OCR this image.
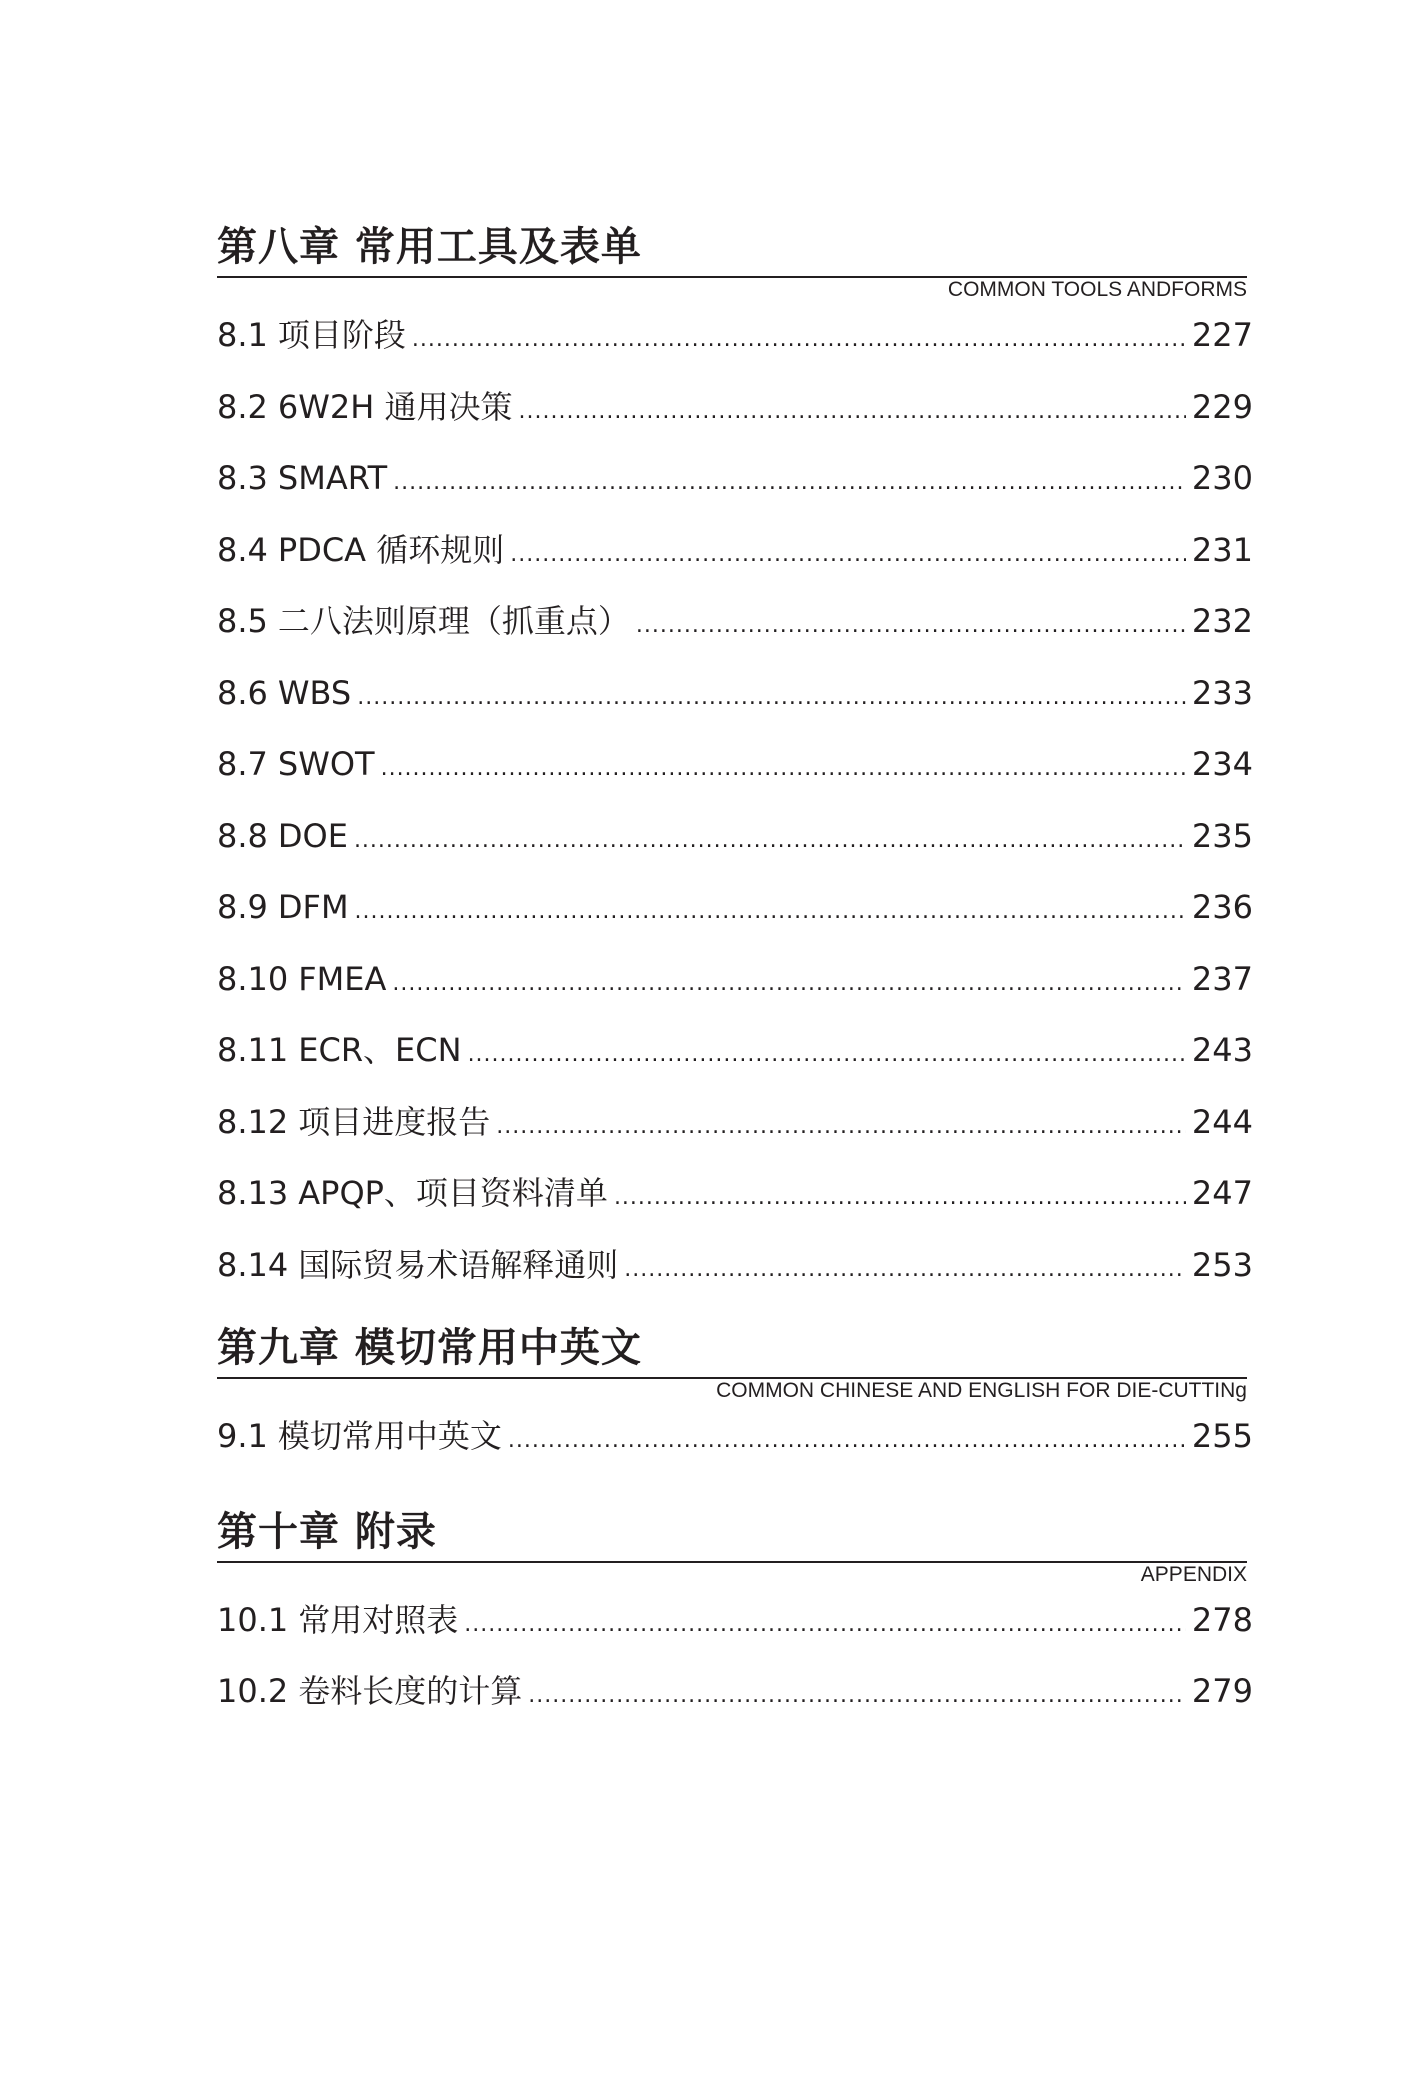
第八章 常用工具及表单
COMMON TOOLS ANDFORMS
8.1 项目阶段 .....	227
8.2 6W2H 通用决策 .....	229
8.3 SMART .....	230
8.4 PDCA 循环规则 .....	231
8.5 二八法则原理（抓重点） .....	232
8.6 WBS .....	233
8.7 SWOT .....	234
8.8 DOE .....	235
8.9 DFM .....	236
8.10 FMEA .....	237
8.11 ECR、ECN .....	243
8.12 项目进度报告 .....	244
8.13 APQP、项目资料清单 .....	247
8.14 国际贸易术语解释通则 .....	253
第九章 模切常用中英文
COMMON CHINESE AND ENGLISH FOR DIE-CUTTINg
9.1 模切常用中英文 .....	255
第十章 附录
APPENDIX
10.1 常用对照表 .....	278
10.2 卷料长度的计算 .....	279
